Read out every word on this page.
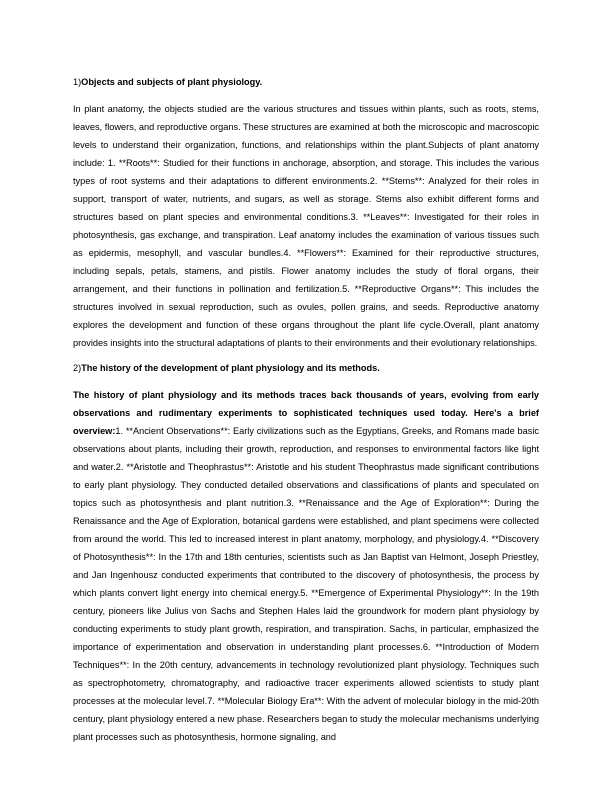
1)Objects and subjects of plant physiology.

In plant anatomy, the objects studied are the various structures and tissues within plants, such as roots, stems, leaves, flowers, and reproductive organs. These structures are examined at both the microscopic and macroscopic levels to understand their organization, functions, and relationships within the plant.Subjects of plant anatomy include: 1. **Roots**: Studied for their functions in anchorage, absorption, and storage. This includes the various types of root systems and their adaptations to different environments.2. **Stems**: Analyzed for their roles in support, transport of water, nutrients, and sugars, as well as storage. Stems also exhibit different forms and structures based on plant species and environmental conditions.3. **Leaves**: Investigated for their roles in photosynthesis, gas exchange, and transpiration. Leaf anatomy includes the examination of various tissues such as epidermis, mesophyll, and vascular bundles.4. **Flowers**: Examined for their reproductive structures, including sepals, petals, stamens, and pistils. Flower anatomy includes the study of floral organs, their arrangement, and their functions in pollination and fertilization.5. **Reproductive Organs**: This includes the structures involved in sexual reproduction, such as ovules, pollen grains, and seeds. Reproductive anatomy explores the development and function of these organs throughout the plant life cycle.Overall, plant anatomy provides insights into the structural adaptations of plants to their environments and their evolutionary relationships.

2)The history of the development of plant physiology and its methods.

The history of plant physiology and its methods traces back thousands of years, evolving from early observations and rudimentary experiments to sophisticated techniques used today. Here's a brief overview:1. **Ancient Observations**: Early civilizations such as the Egyptians, Greeks, and Romans made basic observations about plants, including their growth, reproduction, and responses to environmental factors like light and water.2. **Aristotle and Theophrastus**: Aristotle and his student Theophrastus made significant contributions to early plant physiology. They conducted detailed observations and classifications of plants and speculated on topics such as photosynthesis and plant nutrition.3. **Renaissance and the Age of Exploration**: During the Renaissance and the Age of Exploration, botanical gardens were established, and plant specimens were collected from around the world. This led to increased interest in plant anatomy, morphology, and physiology.4. **Discovery of Photosynthesis**: In the 17th and 18th centuries, scientists such as Jan Baptist van Helmont, Joseph Priestley, and Jan Ingenhousz conducted experiments that contributed to the discovery of photosynthesis, the process by which plants convert light energy into chemical energy.5. **Emergence of Experimental Physiology**: In the 19th century, pioneers like Julius von Sachs and Stephen Hales laid the groundwork for modern plant physiology by conducting experiments to study plant growth, respiration, and transpiration. Sachs, in particular, emphasized the importance of experimentation and observation in understanding plant processes.6. **Introduction of Modern Techniques**: In the 20th century, advancements in technology revolutionized plant physiology. Techniques such as spectrophotometry, chromatography, and radioactive tracer experiments allowed scientists to study plant processes at the molecular level.7. **Molecular Biology Era**: With the advent of molecular biology in the mid-20th century, plant physiology entered a new phase. Researchers began to study the molecular mechanisms underlying plant processes such as photosynthesis, hormone signaling, and
